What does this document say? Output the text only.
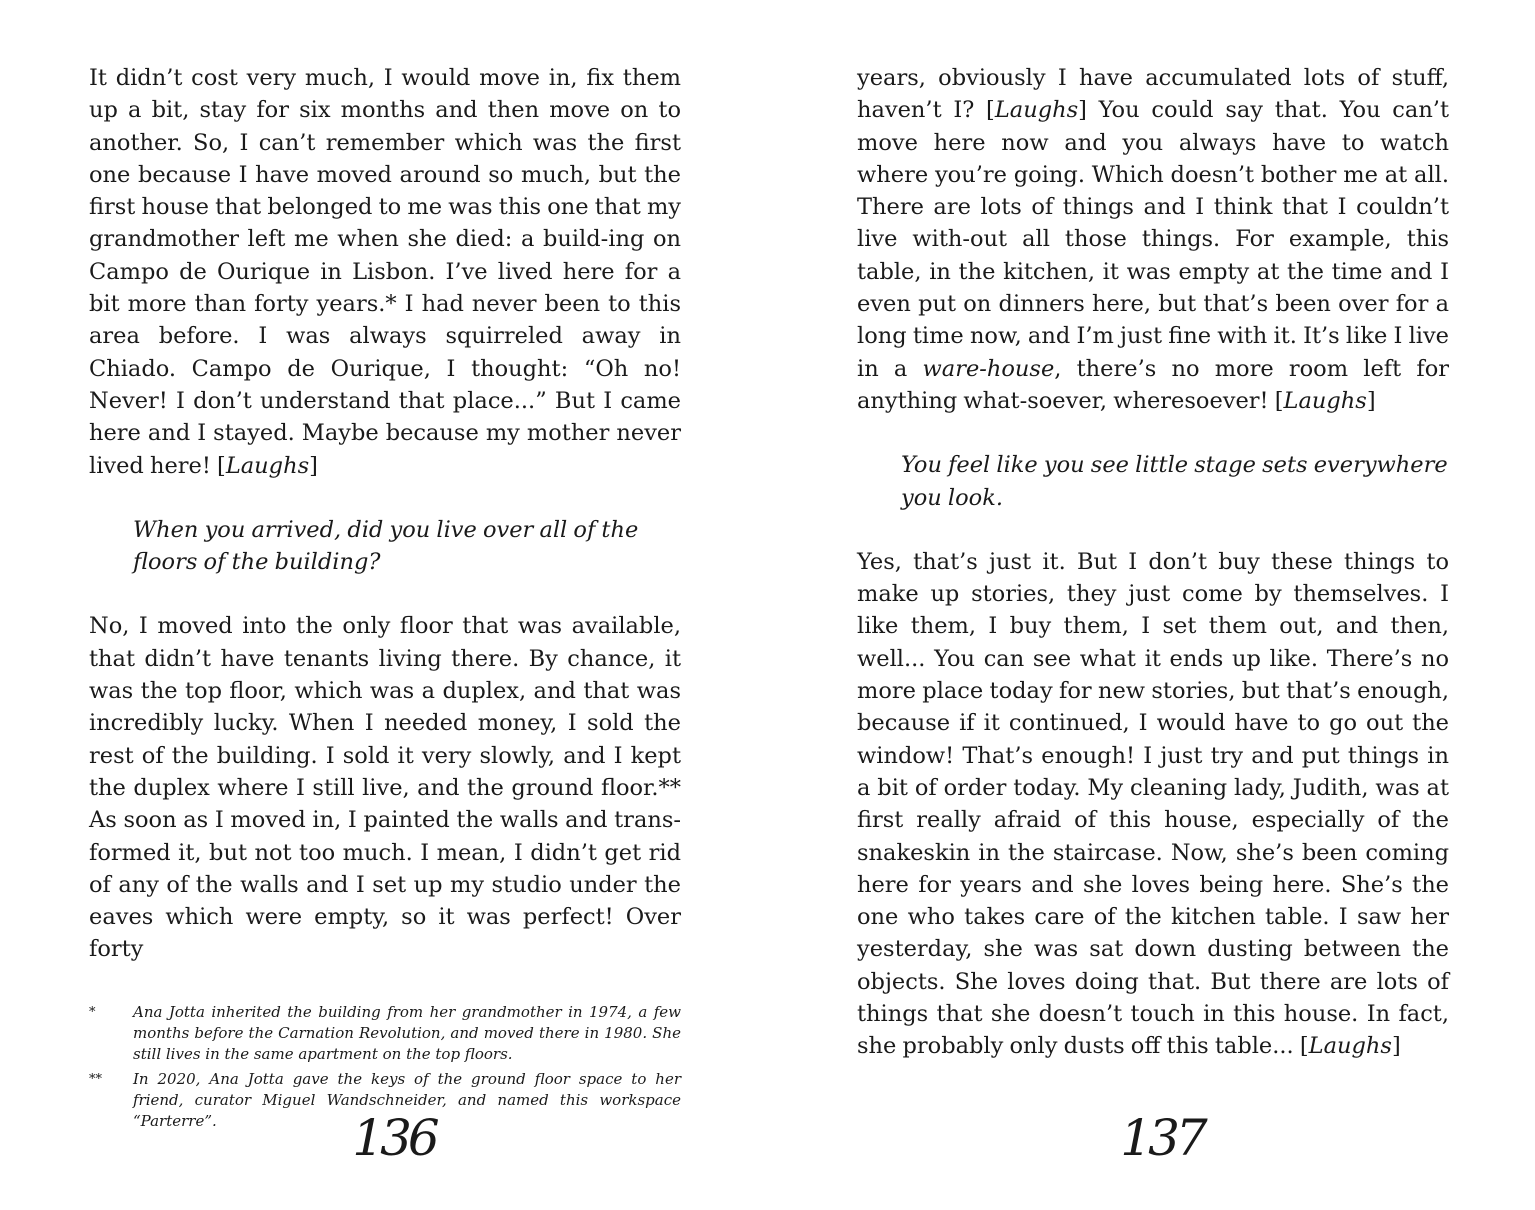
It didn’t cost very much, I would move in, fix them up a bit, stay for six months and then move on to another. So, I can’t remember which was the first one because I have moved around so much, but the first house that belonged to me was this one that my grandmother left me when she died: a build-ing on Campo de Ourique in Lisbon. I’ve lived here for a bit more than forty years.* I had never been to this area before. I was always squirreled away in Chiado. Campo de Ourique, I thought: “Oh no! Never! I don’t understand that place...” But I came here and I stayed. Maybe because my mother never lived here! [Laughs]

When you arrived, did you live over all of the floors of the building?

No, I moved into the only floor that was available, that didn’t have tenants living there. By chance, it was the top floor, which was a duplex, and that was incredibly lucky. When I needed money, I sold the rest of the building. I sold it very slowly, and I kept the duplex where I still live, and the ground floor.** As soon as I moved in, I painted the walls and trans-formed it, but not too much. I mean, I didn’t get rid of any of the walls and I set up my studio under the eaves which were empty, so it was perfect! Over forty

*	Ana Jotta inherited the building from her grandmother in 1974, a few months before the Carnation Revolution, and moved there in 1980. She still lives in the same apartment on the top floors.
**	In 2020, Ana Jotta gave the keys of the ground floor space to her friend, curator Miguel Wandschneider, and named this workspace “Parterre”.	136

years, obviously I have accumulated lots of stuff, haven’t I? [Laughs] You could say that. You can’t move here now and you always have to watch where you’re going. Which doesn’t bother me at all. There are lots of things and I think that I couldn’t live with-out all those things. For example, this table, in the kitchen, it was empty at the time and I even put on dinners here, but that’s been over for a long time now, and I’m just fine with it. It’s like I live in a ware-house, there’s no more room left for anything what-soever, wheresoever! [Laughs]

You feel like you see little stage sets everywhere you look.

Yes, that’s just it. But I don’t buy these things to make up stories, they just come by themselves. I like them, I buy them, I set them out, and then, well... You can see what it ends up like. There’s no more place today for new stories, but that’s enough, because if it continued, I would have to go out the window! That’s enough! I just try and put things in a bit of order today. My cleaning lady, Judith, was at first really afraid of this house, especially of the snakeskin in the staircase. Now, she’s been coming here for years and she loves being here. She’s the one who takes care of the kitchen table. I saw her yesterday, she was sat down dusting between the objects. She loves doing that. But there are lots of things that she doesn’t touch in this house. In fact, she probably only dusts off this table... [Laughs]

137
